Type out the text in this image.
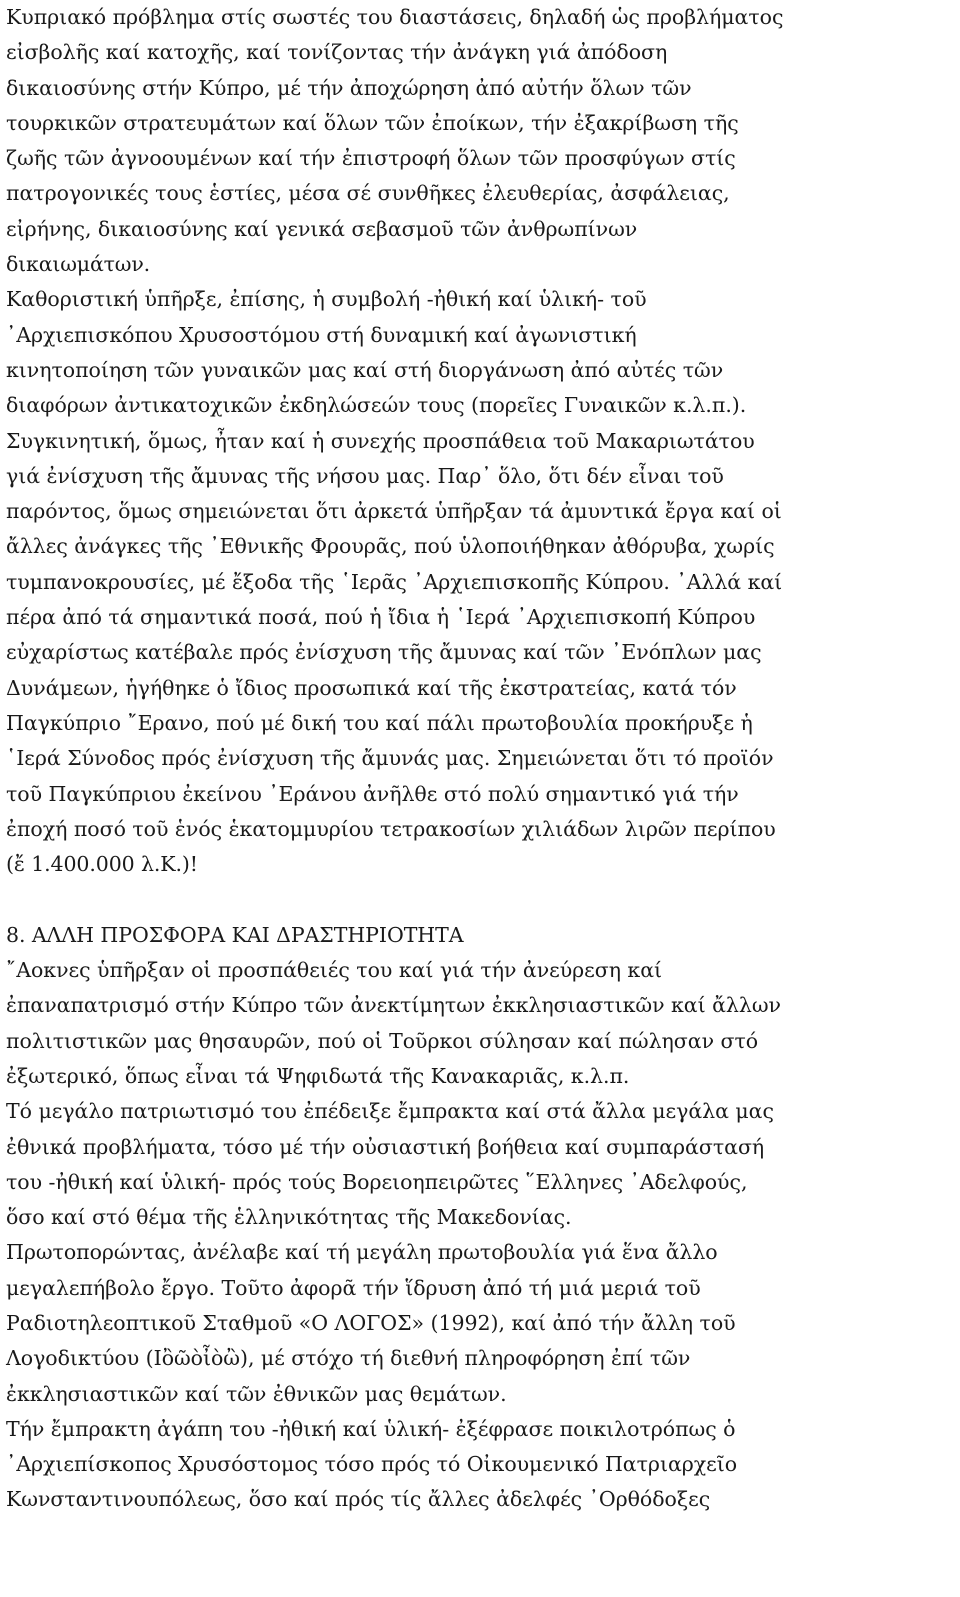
Κυπριακό πρόβλημα στίς σωστές του διαστάσεις, δηλαδή ὡς προβλήματος
εἰσβολῆς καί κατοχῆς, καί τονίζοντας τήν ἀνάγκη γιά ἀπόδοση
δικαιοσύνης στήν Κύπρο, μέ τήν ἀποχώρηση ἀπό αὐτήν ὅλων τῶν
τουρκικῶν στρατευμάτων καί ὅλων τῶν ἐποίκων, τήν ἐξακρίβωση τῆς
ζωῆς τῶν ἀγνοουμένων καί τήν ἐπιστροφή ὅλων τῶν προσφύγων στίς
πατρογονικές τους ἑστίες, μέσα σέ συνθῆκες ἐλευθερίας, ἀσφάλειας,
εἰρήνης, δικαιοσύνης καί γενικά σεβασμοῦ τῶν ἀνθρωπίνων
δικαιωμάτων.
Καθοριστική ὑπῆρξε, ἐπίσης, ἡ συμβολή -ἠθική καί ὑλική- τοῦ
᾽Αρχιεπισκόπου Χρυσοστόμου στή δυναμική καί ἀγωνιστική
κινητοποίηση τῶν γυναικῶν μας καί στή διοργάνωση ἀπό αὐτές τῶν
διαφόρων ἀντικατοχικῶν ἐκδηλώσεών τους (πορεῖες Γυναικῶν κ.λ.π.).
Συγκινητική, ὅμως, ἦταν καί ἡ συνεχής προσπάθεια τοῦ Μακαριωτάτου
γιά ἐνίσχυση τῆς ἄμυνας τῆς νήσου μας. Παρ᾽ ὅλο, ὅτι δέν εἶναι τοῦ
παρόντος, ὅμως σημειώνεται ὅτι ἀρκετά ὑπῆρξαν τά ἀμυντικά ἔργα καί οἱ
ἄλλες ἀνάγκες τῆς ᾽Εθνικῆς Φρουρᾶς, πού ὑλοποιήθηκαν ἀθόρυβα, χωρίς
τυμπανοκρουσίες, μέ ἔξοδα τῆς ῾Ιερᾶς ᾽Αρχιεπισκοπῆς Κύπρου. ᾽Αλλά καί
πέρα ἀπό τά σημαντικά ποσά, πού ἡ ἴδια ἡ ῾Ιερά ᾽Αρχιεπισκοπή Κύπρου
εὐχαρίστως κατέβαλε πρός ἐνίσχυση τῆς ἄμυνας καί τῶν ᾽Ενόπλων μας
Δυνάμεων, ἡγήθηκε ὁ ἴδιος προσωπικά καί τῆς ἐκστρατείας, κατά τόν
Παγκύπριο ῎Ερανο, πού μέ δική του καί πάλι πρωτοβουλία προκήρυξε ἡ
῾Ιερά Σύνοδος πρός ἐνίσχυση τῆς ἄμυνάς μας. Σημειώνεται ὅτι τό προϊόν
τοῦ Παγκύπριου ἐκείνου ᾽Εράνου ἀνῆλθε στό πολύ σημαντικό γιά τήν
ἐποχή ποσό τοῦ ἑνός ἑκατομμυρίου τετρακοσίων χιλιάδων λιρῶν περίπου
(ἔ 1.400.000 λ.Κ.)!
8. ΑΛΛΗ ΠΡΟΣΦΟΡΑ ΚΑΙ ΔΡΑΣΤΗΡΙΟΤΗΤΑ
῎Αοκνες ὑπῆρξαν οἱ προσπάθειές του καί γιά τήν ἀνεύρεση καί
ἐπαναπατρισμό στήν Κύπρο τῶν ἀνεκτίμητων ἐκκλησιαστικῶν καί ἄλλων
πολιτιστικῶν μας θησαυρῶν, πού οἱ Τοῦρκοι σύλησαν καί πώλησαν στό
ἐξωτερικό, ὅπως εἶναι τά Ψηφιδωτά τῆς Κανακαριᾶς, κ.λ.π.
Τό μεγάλο πατριωτισμό του ἐπέδειξε ἔμπρακτα καί στά ἄλλα μεγάλα μας
ἐθνικά προβλήματα, τόσο μέ τήν οὐσιαστική βοήθεια καί συμπαράστασή
του -ἠθική καί ὑλική- πρός τούς Βορειοηπειρῶτες ῞Ελληνες ᾽Αδελφούς,
ὅσο καί στό θέμα τῆς ἑλληνικότητας τῆς Μακεδονίας.
Πρωτοπορώντας, ἀνέλαβε καί τή μεγάλη πρωτοβουλία γιά ἕνα ἄλλο
μεγαλεπήβολο ἔργο. Τοῦτο ἀφορᾶ τήν ἵδρυση ἀπό τή μιά μεριά τοῦ
Ραδιοτηλεοπτικοῦ Σταθμοῦ «Ο ΛΟΓΟΣ» (1992), καί ἀπό τήν ἄλλη τοῦ
Λογοδικτύου (Ιὂῶὸἶὸὢ), μέ στόχο τή διεθνή πληροφόρηση ἐπί τῶν
ἐκκλησιαστικῶν καί τῶν ἐθνικῶν μας θεμάτων.
Τήν ἔμπρακτη ἀγάπη του -ἠθική καί ὑλική- ἐξέφρασε ποικιλοτρόπως ὁ
᾽Αρχιεπίσκοπος Χρυσόστομος τόσο πρός τό Οἰκουμενικό Πατριαρχεῖο
Κωνσταντινουπόλεως, ὅσο καί πρός τίς ἄλλες ἀδελφές ᾽Ορθόδοξες
